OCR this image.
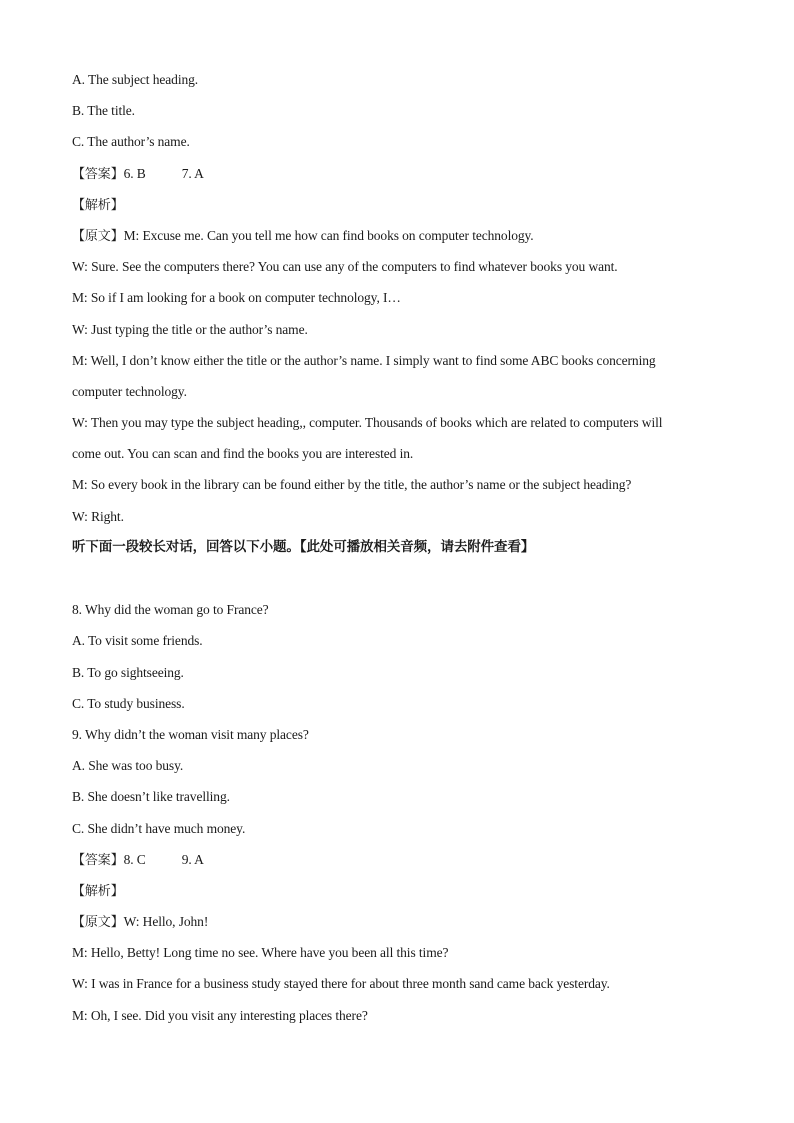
A. The subject heading.
B. The title.
C. The author’s name.
【答案】6. B	7. A
【解析】
【原文】M: Excuse me. Can you tell me how can find books on computer technology.
W: Sure. See the computers there? You can use any of the computers to find whatever books you want.
M: So if I am looking for a book on computer technology, I…
W: Just typing the title or the author’s name.
M: Well, I don’t know either the title or the author’s name. I simply want to find some ABC books concerning
computer technology.
W: Then you may type the subject heading,, computer. Thousands of books which are related to computers will
come out. You can scan and find the books you are interested in.
M: So every book in the library can be found either by the title, the author’s name or the subject heading?
W: Right.
听下面一段较长对话，回答以下小题。【此处可播放相关音频，请去附件查看】
8. Why did the woman go to France?
A. To visit some friends.
B. To go sightseeing.
C. To study business.
9. Why didn’t the woman visit many places?
A. She was too busy.
B. She doesn’t like travelling.
C. She didn’t have much money.
【答案】8. C	9. A
【解析】
【原文】W: Hello, John!
M: Hello, Betty! Long time no see. Where have you been all this time?
W: I was in France for a business study stayed there for about three month sand came back yesterday.
M: Oh, I see. Did you visit any interesting places there?
